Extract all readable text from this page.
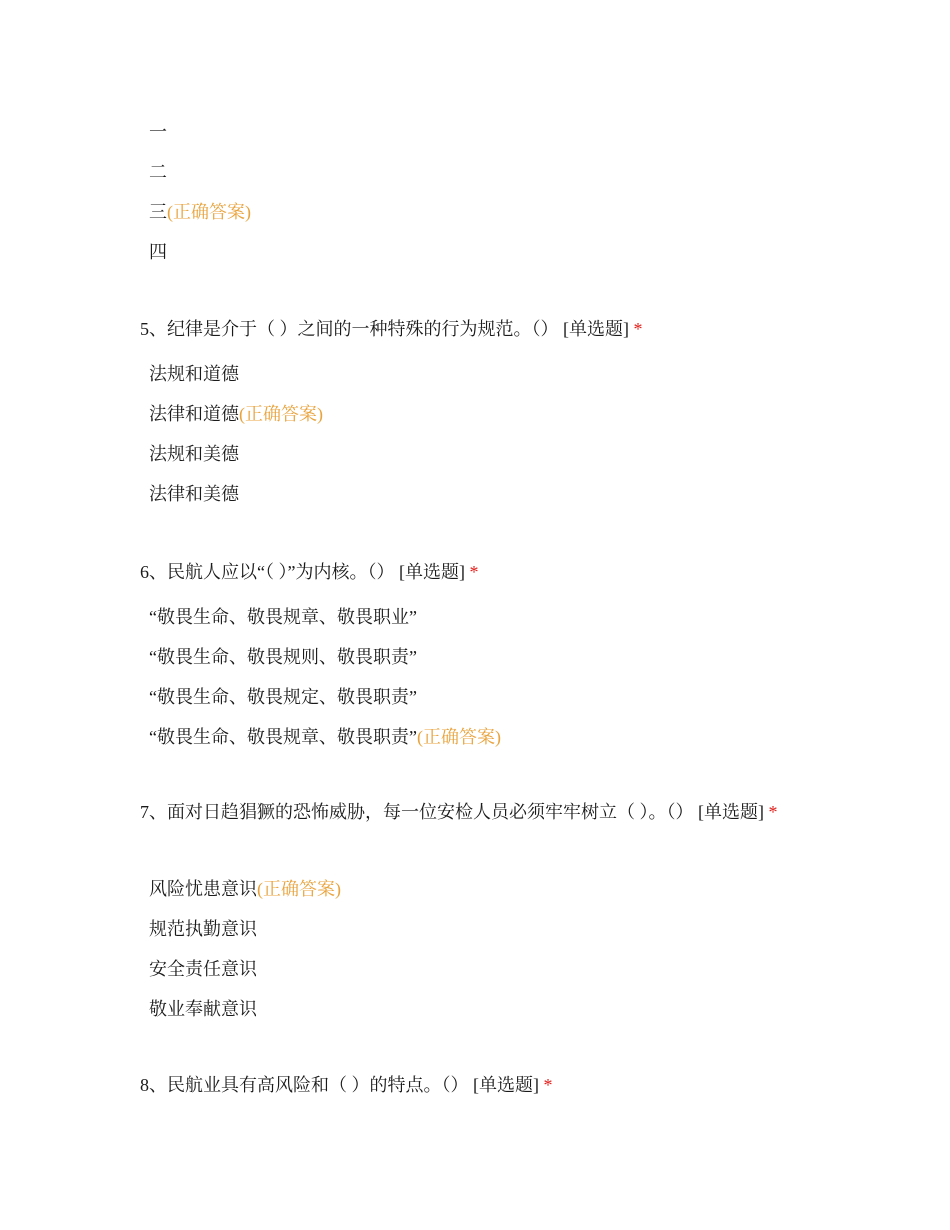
一
二
三(正确答案)
四
5、纪律是介于（ ）之间的一种特殊的行为规范。（） [单选题] *
法规和道德
法律和道德(正确答案)
法规和美德
法律和美德
6、民航人应以“（ ）”为内核。（） [单选题] *
“敬畏生命、敬畏规章、敬畏职业”
“敬畏生命、敬畏规则、敬畏职责”
“敬畏生命、敬畏规定、敬畏职责”
“敬畏生命、敬畏规章、敬畏职责”(正确答案)
7、面对日趋猖獗的恐怖威胁，每一位安检人员必须牢牢树立（ ）。（） [单选题] *
风险忧患意识(正确答案)
规范执勤意识
安全责任意识
敬业奉献意识
8、民航业具有高风险和（ ）的特点。（） [单选题] *
